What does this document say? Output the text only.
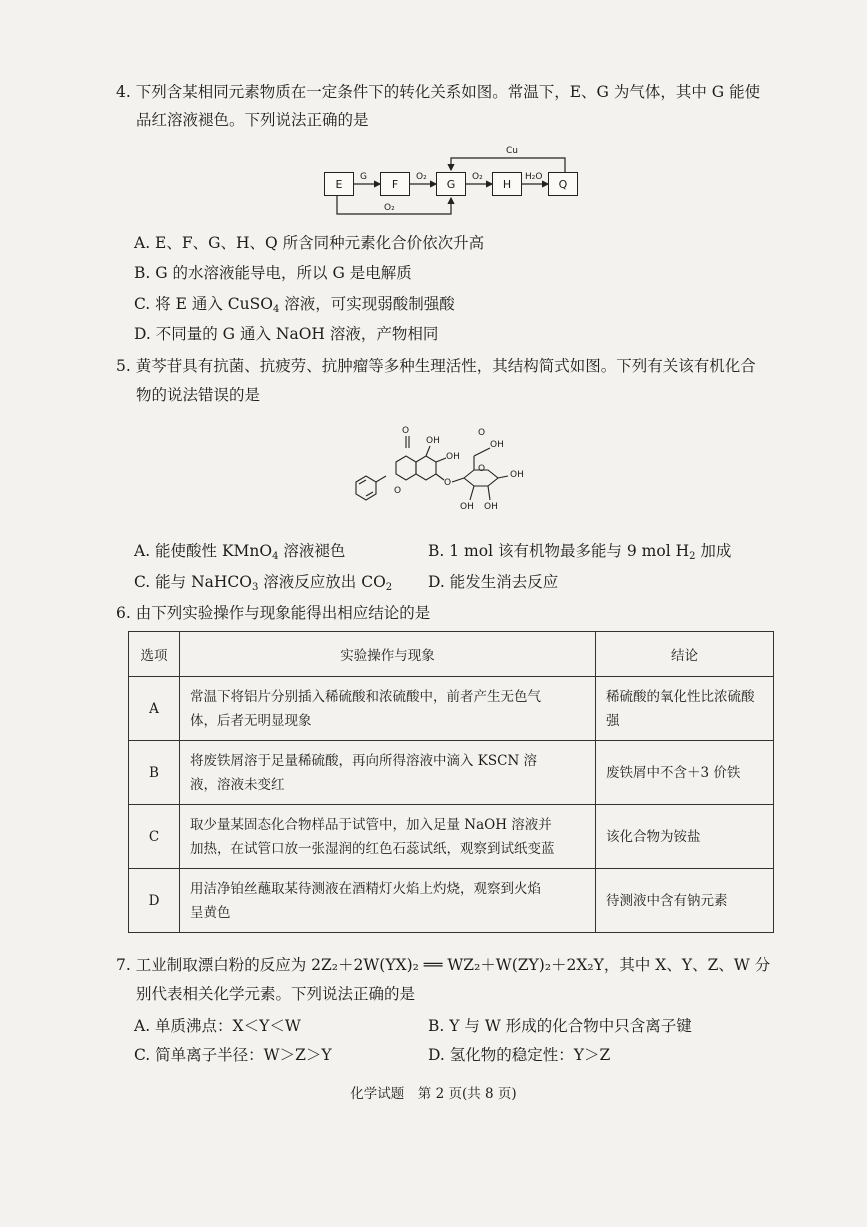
4. 下列含某相同元素物质在一定条件下的转化关系如图。常温下，E、G 为气体，其中 G 能使
品红溶液褪色。下列说法正确的是
E	F	G	H	Q
G	O₂	O₂	H₂O
Cu
O₂
A. E、F、G、H、Q 所含同种元素化合价依次升高
B. G 的水溶液能导电，所以 G 是电解质
C. 将 E 通入 CuSO$_4$ 溶液，可实现弱酸制强酸
D. 不同量的 G 通入 NaOH 溶液，产物相同
5. 黄芩苷具有抗菌、抗疲劳、抗肿瘤等多种生理活性，其结构简式如图。下列有关该有机化合
物的说法错误的是
O
OH
OH
OH
O
O
O
OH
OH
OH
O
A. 能使酸性 KMnO$_4$ 溶液褪色	B. 1 mol 该有机物最多能与 9 mol $H_2$ 加成
C. 能与 NaHCO$_3$ 溶液反应放出 $CO_2$ D. 能发生消去反应
6. 由下列实验操作与现象能得出相应结论的是
选项	实验操作与现象	结论
A	常温下将铝片分别插入稀硫酸和浓硫酸中，前者产生无色气
体，后者无明显现象	稀硫酸的氧化性比浓硫酸强
B	将废铁屑溶于足量稀硫酸，再向所得溶液中滴入 KSCN 溶
液，溶液未变红	废铁屑中不含＋3 价铁
C	取少量某固态化合物样品于试管中，加入足量 NaOH 溶液并
加热，在试管口放一张湿润的红色石蕊试纸，观察到试纸变蓝	该化合物为铵盐
D	用洁净铂丝蘸取某待测液在酒精灯火焰上灼烧，观察到火焰
呈黄色	待测液中含有钠元素
7. 工业制取漂白粉的反应为 2Z₂＋2W(YX)₂ ══ WZ₂＋W(ZY)₂＋2X₂Y，其中 X、Y、Z、W 分
别代表相关化学元素。下列说法正确的是
A. 单质沸点：X＜Y＜W	B. Y 与 W 形成的化合物中只含离子键
C. 简单离子半径：W＞Z＞Y	D. 氢化物的稳定性：Y＞Z
化学试题　第 2 页(共 8 页)
